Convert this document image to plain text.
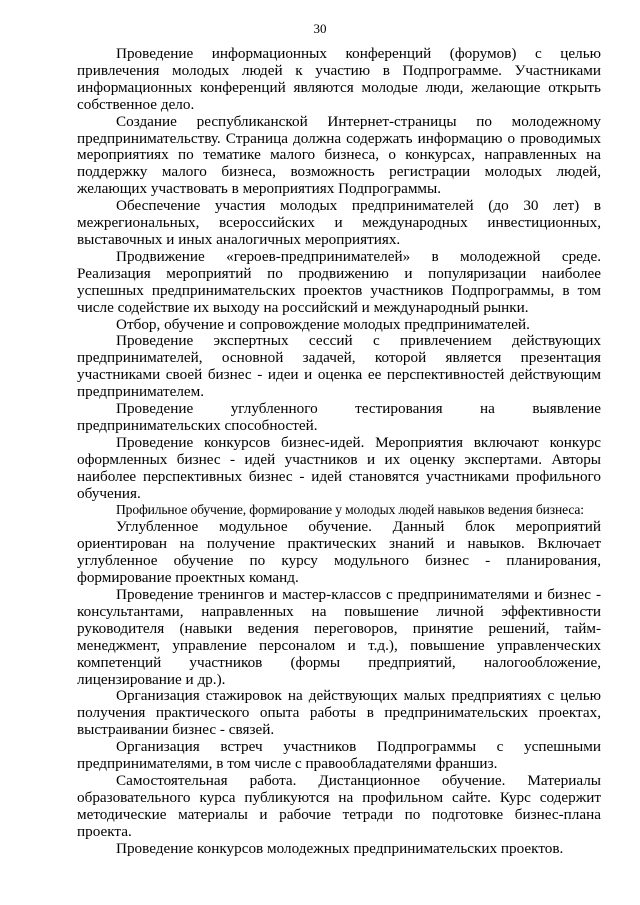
30

Проведение информационных конференций (форумов) с целью привлечения молодых людей к участию в Подпрограмме. Участниками информационных конференций являются молодые люди, желающие открыть собственное дело.

Создание республиканской Интернет-страницы по молодежному предпринимательству. Страница должна содержать информацию о проводимых мероприятиях по тематике малого бизнеса, о конкурсах, направленных на поддержку малого бизнеса, возможность регистрации молодых людей, желающих участвовать в мероприятиях Подпрограммы.

Обеспечение участия молодых предпринимателей (до 30 лет) в межрегиональных, всероссийских и международных инвестиционных, выставочных и иных аналогичных мероприятиях.

Продвижение «героев-предпринимателей» в молодежной среде. Реализация мероприятий по продвижению и популяризации наиболее успешных предпринимательских проектов участников Подпрограммы, в том числе содействие их выходу на российский и международный рынки.

Отбор, обучение и сопровождение молодых предпринимателей.

Проведение экспертных сессий с привлечением действующих предпринимателей, основной задачей, которой является презентация участниками своей бизнес - идеи и оценка ее перспективностей действующим предпринимателем.

Проведение углубленного тестирования на выявление предпринимательских способностей.

Проведение конкурсов бизнес-идей. Мероприятия включают конкурс оформленных бизнес - идей участников и их оценку экспертами. Авторы наиболее перспективных бизнес - идей становятся участниками профильного обучения.

Профильное обучение, формирование у молодых людей навыков ведения бизнеса:

Углубленное модульное обучение. Данный блок мероприятий ориентирован на получение практических знаний и навыков. Включает углубленное обучение по курсу модульного бизнес - планирования, формирование проектных команд.

Проведение тренингов и мастер-классов с предпринимателями и бизнес - консультантами, направленных на повышение личной эффективности руководителя (навыки ведения переговоров, принятие решений, тайм-менеджмент, управление персоналом и т.д.), повышение управленческих компетенций участников (формы предприятий, налогообложение, лицензирование и др.).

Организация стажировок на действующих малых предприятиях с целью получения практического опыта работы в предпринимательских проектах, выстраивании бизнес - связей.

Организация встреч участников Подпрограммы с успешными предпринимателями, в том числе с правообладателями франшиз.

Самостоятельная работа. Дистанционное обучение. Материалы образовательного курса публикуются на профильном сайте. Курс содержит методические материалы и рабочие тетради по подготовке бизнес-плана проекта.

Проведение конкурсов молодежных предпринимательских проектов.
